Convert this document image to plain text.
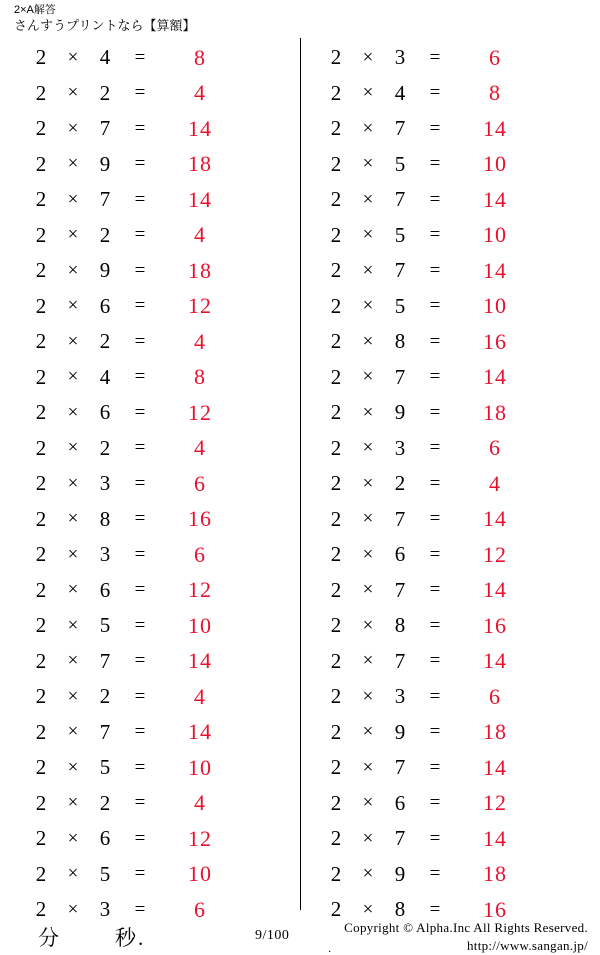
2×A解答
さんすうプリントなら【算額】
2	×	4	=	8
2	×	2	=	4
2	×	7	=	14
2	×	9	=	18
2	×	7	=	14
2	×	2	=	4
2	×	9	=	18
2	×	6	=	12
2	×	2	=	4
2	×	4	=	8
2	×	6	=	12
2	×	2	=	4
2	×	3	=	6
2	×	8	=	16
2	×	3	=	6
2	×	6	=	12
2	×	5	=	10
2	×	7	=	14
2	×	2	=	4
2	×	7	=	14
2	×	5	=	10
2	×	2	=	4
2	×	6	=	12
2	×	5	=	10
2	×	3	=	6
2	×	3	=	6
2	×	4	=	8
2	×	7	=	14
2	×	5	=	10
2	×	7	=	14
2	×	5	=	10
2	×	7	=	14
2	×	5	=	10
2	×	8	=	16
2	×	7	=	14
2	×	9	=	18
2	×	3	=	6
2	×	2	=	4
2	×	7	=	14
2	×	6	=	12
2	×	7	=	14
2	×	8	=	16
2	×	7	=	14
2	×	3	=	6
2	×	9	=	18
2	×	7	=	14
2	×	6	=	12
2	×	7	=	14
2	×	9	=	18
2	×	8	=	16
分	秒.	9/100
.
Copyright © Alpha.Inc All Rights Reserved.
http://www.sangan.jp/
